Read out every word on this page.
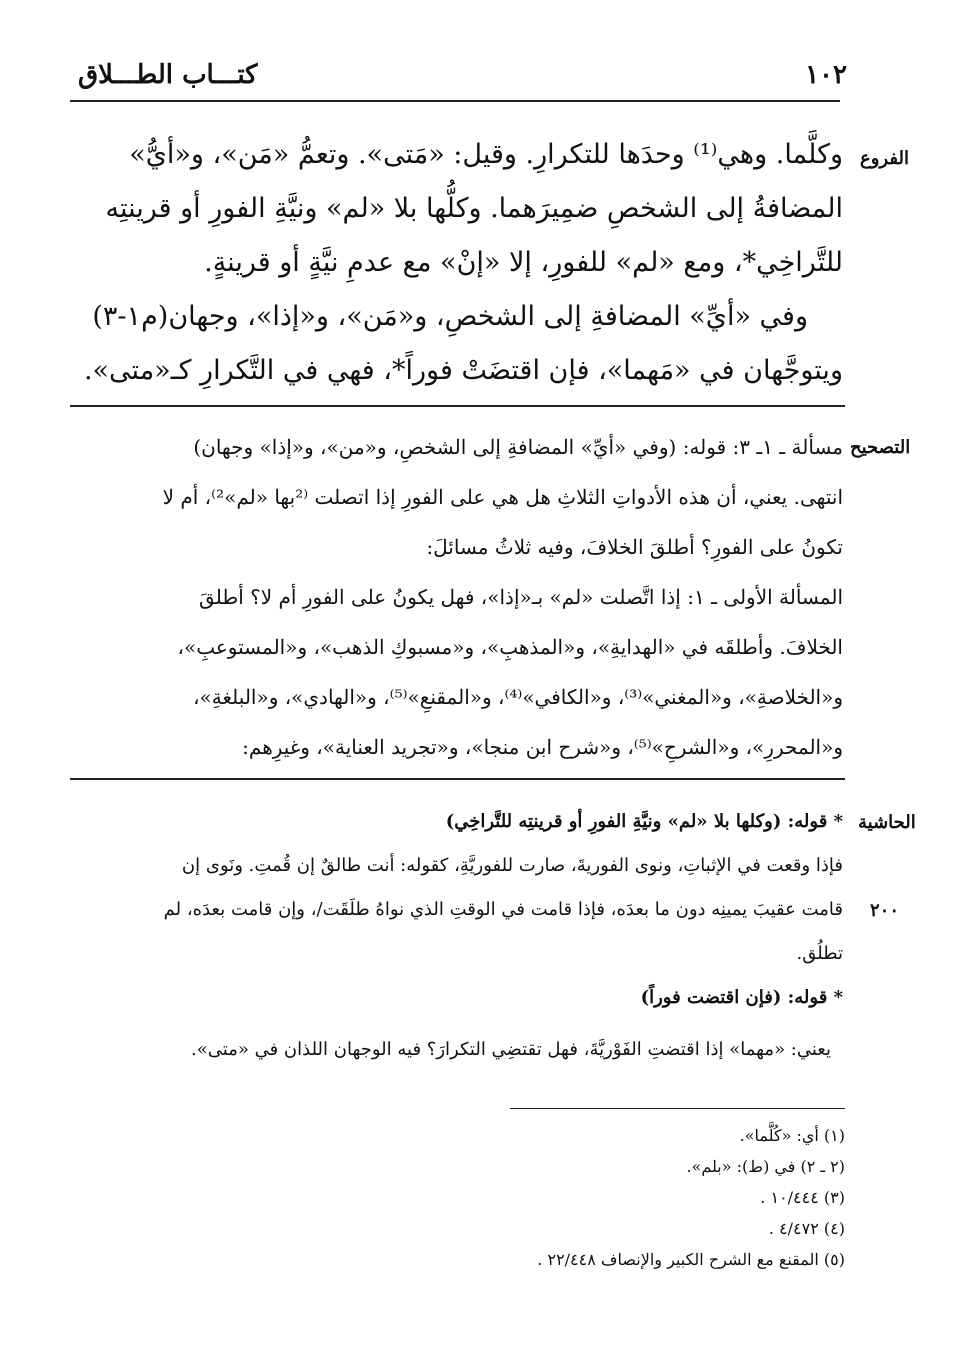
١٠٢
كتـــاب الطـــلاق
الفروع
وكلَّما. وهي⁽¹⁾ وحدَها للتكرارِ. وقيل: «مَتى». وتعمُّ «مَن»، و«أيُّ»
المضافةُ إلى الشخصِ ضمِيرَهما. وكلُّها بلا «لم» ونيَّةِ الفورِ أو قرينتِه
للتَّراخِي*، ومع «لم» للفورِ، إلا «إنْ» مع عدمِ نيَّةٍ أو قرينةٍ.
وفي «أيِّ» المضافةِ إلى الشخصِ، و«مَن»، و«إذا»، وجهان(م١-٣)
ويتوجَّهان في «مَهما»، فإن اقتضَتْ فوراً*، فهي في التَّكرارِ كـ«متى».
التصحيح
مسألة ـ ١ـ ٣: قوله: (وفي «أيِّ» المضافةِ إلى الشخصِ، و«من»، و«إذا» وجهان)
انتهى. يعني، أن هذه الأدواتِ الثلاثِ هل هي على الفورِ إذا اتصلت ⁽²بها «لم»²⁾، أم لا
تكونُ على الفورِ؟ أطلقَ الخلافَ، وفيه ثلاثُ مسائلَ:
المسألة الأولى ـ ١: إذا اتَّصلت «لم» بـ«إذا»، فهل يكونُ على الفورِ أم لا؟ أطلقَ
الخلافَ. وأطلقَه في «الهدايةِ»، و«المذهبِ»، و«مسبوكِ الذهب»، و«المستوعبِ»،
و«الخلاصةِ»، و«المغني»⁽³⁾، و«الكافي»⁽⁴⁾، و«المقنعِ»⁽⁵⁾، و«الهادي»، و«البلغةِ»،
و«المحررِ»، و«الشرحِ»⁽⁵⁾، و«شرح ابن منجا»، و«تجريد العناية»، وغيرِهم:
الحاشية
٢٠٠
* قوله: (وكلها بلا «لم» ونيَّةِ الفورِ أو قرينتِه للتَّراخِي)
فإذا وقعت في الإثباتِ، ونوى الفوريةَ، صارت للفوريَّةِ، كقوله: أنت طالقٌ إن قُمتِ. ونَوى إن
قامت عقيبَ يمينِه دون ما بعدَه، فإذا قامت في الوقتِ الذي نواهُ طلَقَت/، وإن قامت بعدَه، لم
تطلُق.
* قوله: (فإن اقتضت فوراً)
يعني: «مهما» إذا اقتضتِ الفَوْريَّةَ، فهل تقتضِي التكرارَ؟ فيه الوجهان اللذان في «متى».
(١) أي: «كُلَّما».
(٢ ـ ٢) في (ط): «بلم».
(٣) ١٠/٤٤٤ .
(٤) ٤/٤٧٢ .
(٥) المقنع مع الشرح الكبير والإنصاف ٢٢/٤٤٨ .
